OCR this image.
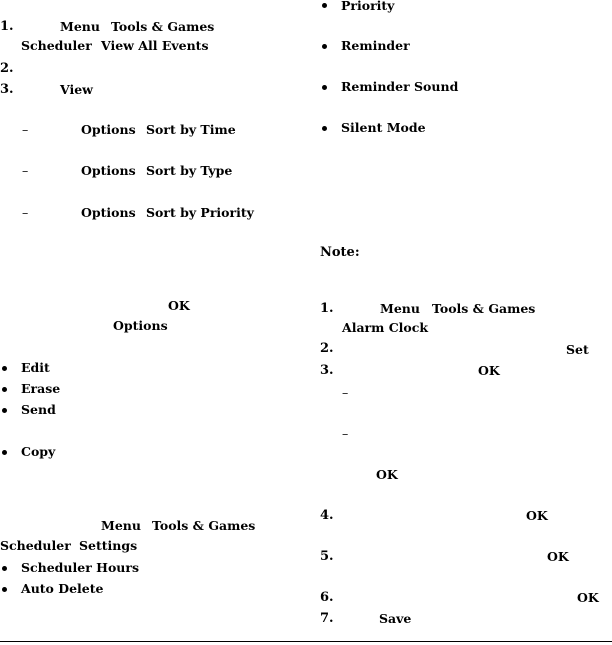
1.	Menu Tools & Games
Scheduler View All Events
2.
3.	View
–	Options Sort by Time
–	Options Sort by Type
–	Options Sort by Priority
OK
Options
Edit
Erase
Send
Copy
Menu Tools & Games
Scheduler Settings
Scheduler Hours
Auto Delete
Priority
Reminder
Reminder Sound
Silent Mode
Note:
1.	Menu Tools & Games
Alarm Clock
2.	Set
3.	OK
–
–
OK
4.	OK
5.	OK
6.	OK
7.	Save
